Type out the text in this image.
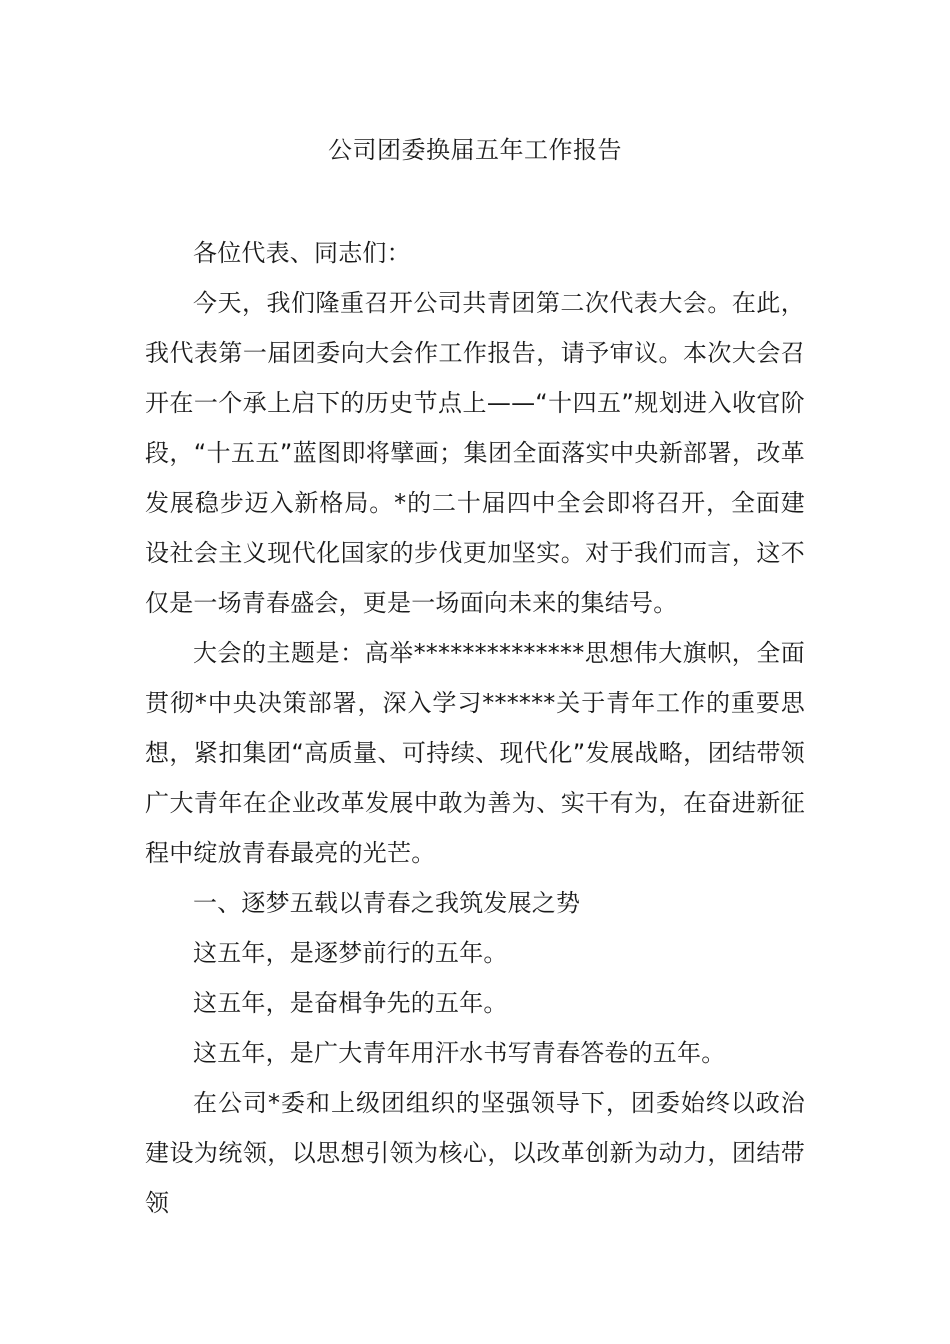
公司团委换届五年工作报告

各位代表、同志们：

今天，我们隆重召开公司共青团第二次代表大会。在此，我代表第一届团委向大会作工作报告，请予审议。本次大会召开在一个承上启下的历史节点上——“十四五”规划进入收官阶段，“十五五”蓝图即将擘画；集团全面落实中央新部署，改革发展稳步迈入新格局。*的二十届四中全会即将召开，全面建设社会主义现代化国家的步伐更加坚实。对于我们而言，这不仅是一场青春盛会，更是一场面向未来的集结号。

大会的主题是：高举**************思想伟大旗帜，全面贯彻*中央决策部署，深入学习******关于青年工作的重要思想，紧扣集团“高质量、可持续、现代化”发展战略，团结带领广大青年在企业改革发展中敢为善为、实干有为，在奋进新征程中绽放青春最亮的光芒。

一、逐梦五载以青春之我筑发展之势

这五年，是逐梦前行的五年。

这五年，是奋楫争先的五年。

这五年，是广大青年用汗水书写青春答卷的五年。

在公司*委和上级团组织的坚强领导下，团委始终以政治建设为统领，以思想引领为核心，以改革创新为动力，团结带领
